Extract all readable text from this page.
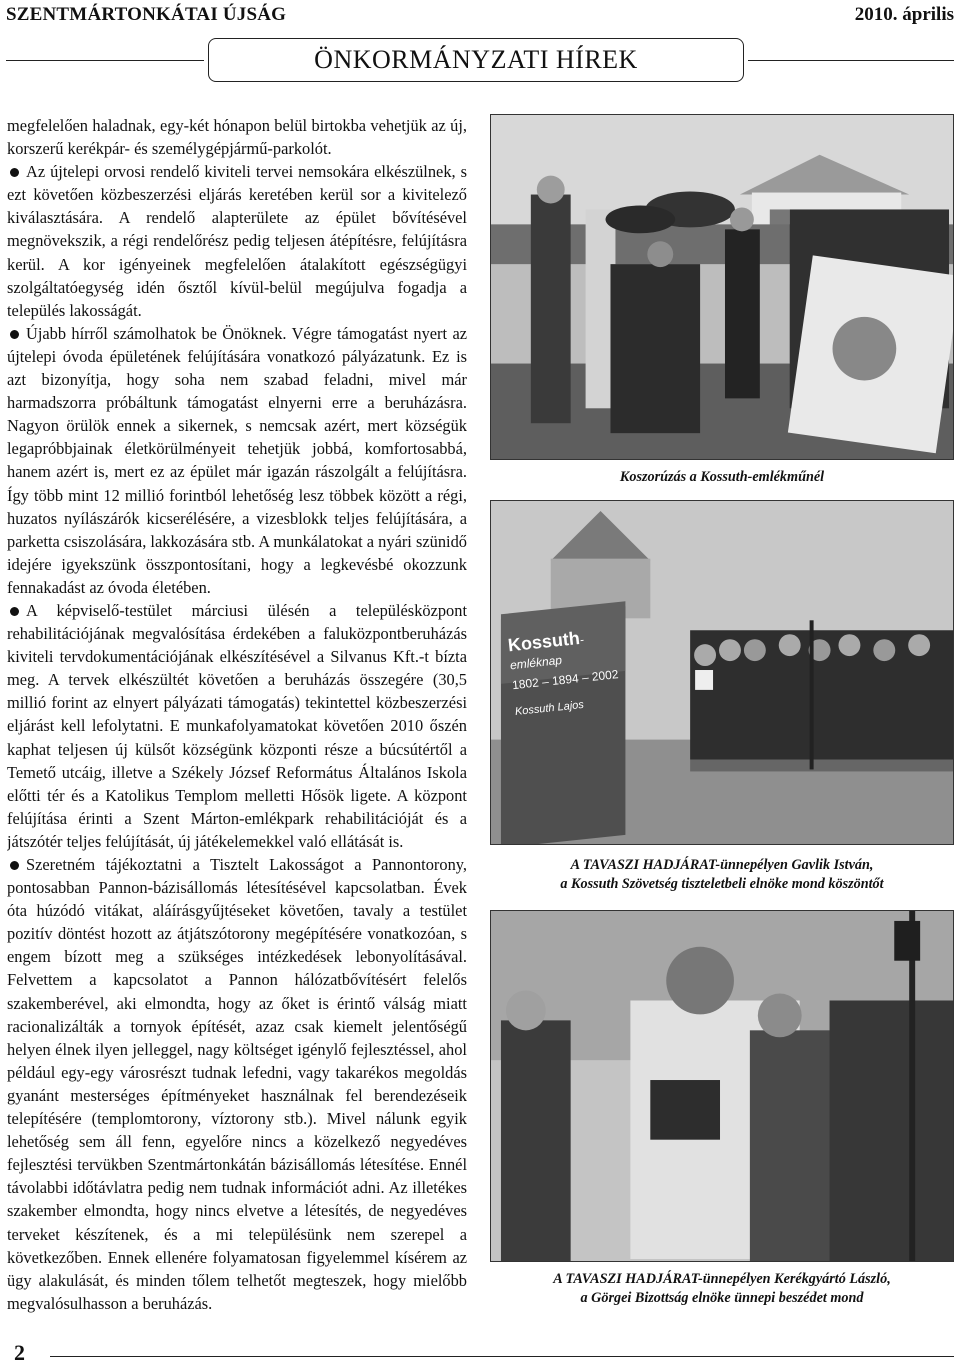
SZENTMÁRTONKÁTAI ÚJSÁG	2010. április
ÖNKORMÁNYZATI HÍREK

megfelelően haladnak, egy-két hónapon belül birtokba vehetjük az új, korszerű kerékpár- és személygépjármű-parkolót.

Az újtelepi orvosi rendelő kiviteli tervei nemsokára elkészülnek, s ezt követően közbeszerzési eljárás keretében kerül sor a kivitelező kiválasztására. A rendelő alapterülete az épület bővítésével megnövekszik, a régi rendelőrész pedig teljesen átépítésre, felújításra kerül. A kor igényeinek megfelelően átalakított egészségügyi szolgáltatóegység idén ősztől kívül-belül megújulva fogadja a település lakosságát.

Újabb hírről számolhatok be Önöknek. Végre támogatást nyert az újtelepi óvoda épületének felújítására vonatkozó pályázatunk. Ez is azt bizonyítja, hogy soha nem szabad feladni, mivel már harmadszorra próbáltunk támogatást elnyerni erre a beruházásra. Nagyon örülök ennek a sikernek, s nemcsak azért, mert községük legapróbbjainak életkörülményeit tehetjük jobbá, komfortosabbá, hanem azért is, mert ez az épület már igazán rászolgált a felújításra. Így több mint 12 millió forintból lehetőség lesz többek között a régi, huzatos nyílászárók kicserélésére, a vizesblokk teljes felújítására, a parketta csiszolására, lakkozására stb. A munkálatokat a nyári szünidő idejére igyekszünk összpontosítani, hogy a legkevésbé okozzunk fennakadást az óvoda életében.

A képviselő-testület márciusi ülésén a településközpont rehabilitációjának megvalósítása érdekében a faluközpontberuházás kiviteli tervdokumentációjának elkészítésével a Silvanus Kft.-t bízta meg. A tervek elkészültét követően a beruházás összegére (30,5 millió forint az elnyert pályázati támogatás) tekintettel közbeszerzési eljárást kell lefolytatni. E munkafolyamatokat követően 2010 őszén kaphat teljesen új külsőt községünk központi része a búcsútértől a Temető utcáig, illetve a Székely József Református Általános Iskola előtti tér és a Katolikus Templom melletti Hősök ligete. A központ felújítása érinti a Szent Márton-emlékpark rehabilitációját és a játszótér teljes felújítását, új játékelemekkel való ellátását is.

Szeretném tájékoztatni a Tisztelt Lakosságot a Pannontorony, pontosabban Pannon-bázisállomás létesítésével kapcsolatban. Évek óta húzódó vitákat, aláírásgyűjtéseket követően, tavaly a testület pozitív döntést hozott az átjátszótorony megépítésére vonatkozóan, s engem bízott meg a szükséges intézkedések lebonyolításával. Felvettem a kapcsolatot a Pannon hálózatbővítésért felelős szakemberével, aki elmondta, hogy az őket is érintő válság miatt racionalizálták a tornyok építését, azaz csak kiemelt jelentőségű helyen élnek ilyen jelleggel, nagy költséget igénylő fejlesztéssel, ahol például egy-egy városrészt tudnak lefedni, vagy takarékos megoldás gyanánt mesterséges építményeket használnak fel berendezéseik telepítésére (templomtorony, víztorony stb.). Mivel nálunk egyik lehetőség sem áll fenn, egyelőre nincs a közelkező negyedéves fejlesztési tervükben Szentmártonkátán bázisállomás létesítése. Ennél távolabbi időtávlatra pedig nem tudnak információt adni. Az illetékes szakember elmondta, hogy nincs elvetve a létesítés, de negyedéves terveket készítenek, és a mi településünk nem szerepel a következőben. Ennek ellenére folyamatosan figyelemmel kísérem az ügy alakulását, és minden tőlem telhetőt megteszek, hogy mielőbb megvalósulhasson a beruházás.

Koszorúzás a Kossuth-emlékműnél
Kossuth-emléknap
1802 – 1894 – 2002
Kossuth Lajos
A TAVASZI HADJÁRAT-ünnepélyen Gavlik István,
a Kossuth Szövetség tiszteletbeli elnöke mond köszöntőt
A TAVASZI HADJÁRAT-ünnepélyen Kerékgyártó László,
a Görgei Bizottság elnöke ünnepi beszédet mond
2
